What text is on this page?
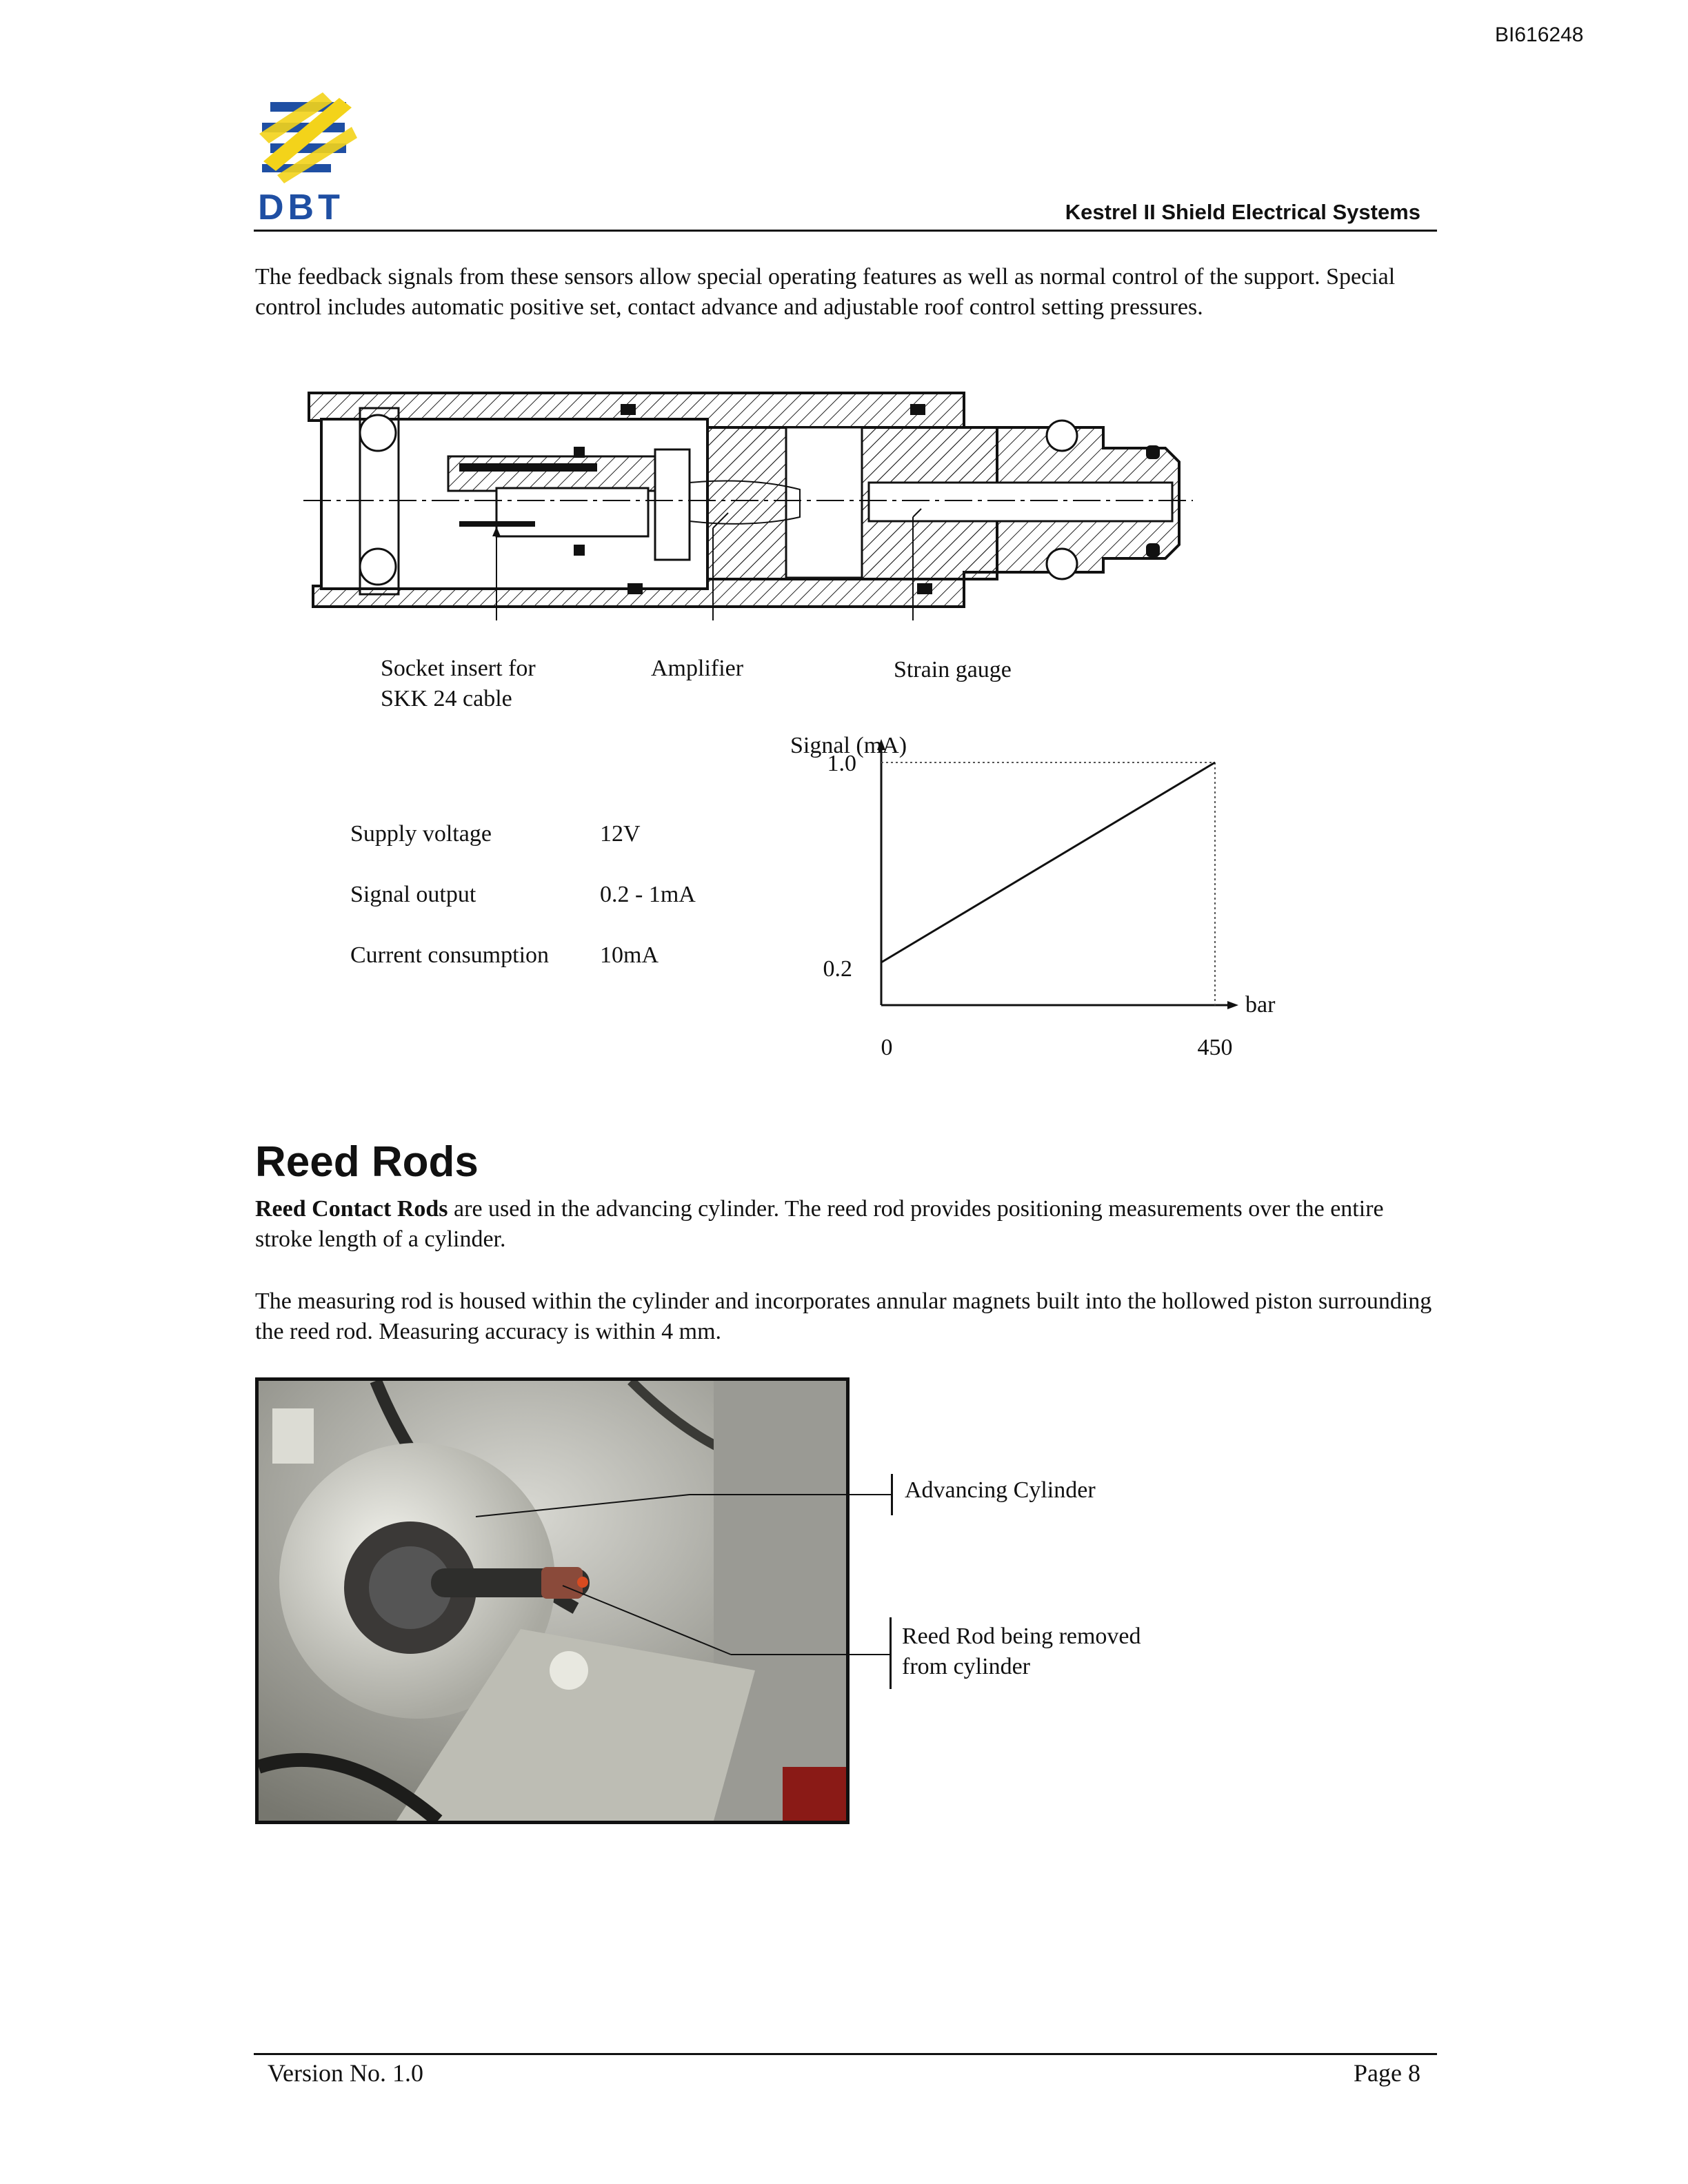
BI616248
DBT	Kestrel II Shield Electrical Systems
The feedback signals from these sensors allow special operating features as well as normal control of the support. Special control includes automatic positive set, contact advance and adjustable roof control setting pressures.
Socket insert for
SKK 24 cable
Amplifier	Strain gauge
Supply voltage	12V
Signal output	0.2 - 1mA
Current consumption 10mA
Signal (mA)
1.0
0.2
bar
0	450
Reed Rods
Reed Contact Rods are used in the advancing cylinder. The reed rod provides positioning measurements over the entire stroke length of a cylinder.
The measuring rod is housed within the cylinder and incorporates annular magnets built into the hollowed piston surrounding the reed rod. Measuring accuracy is within 4 mm.
Advancing Cylinder
Reed Rod being removed
from cylinder
Version No. 1.0	Page 8
